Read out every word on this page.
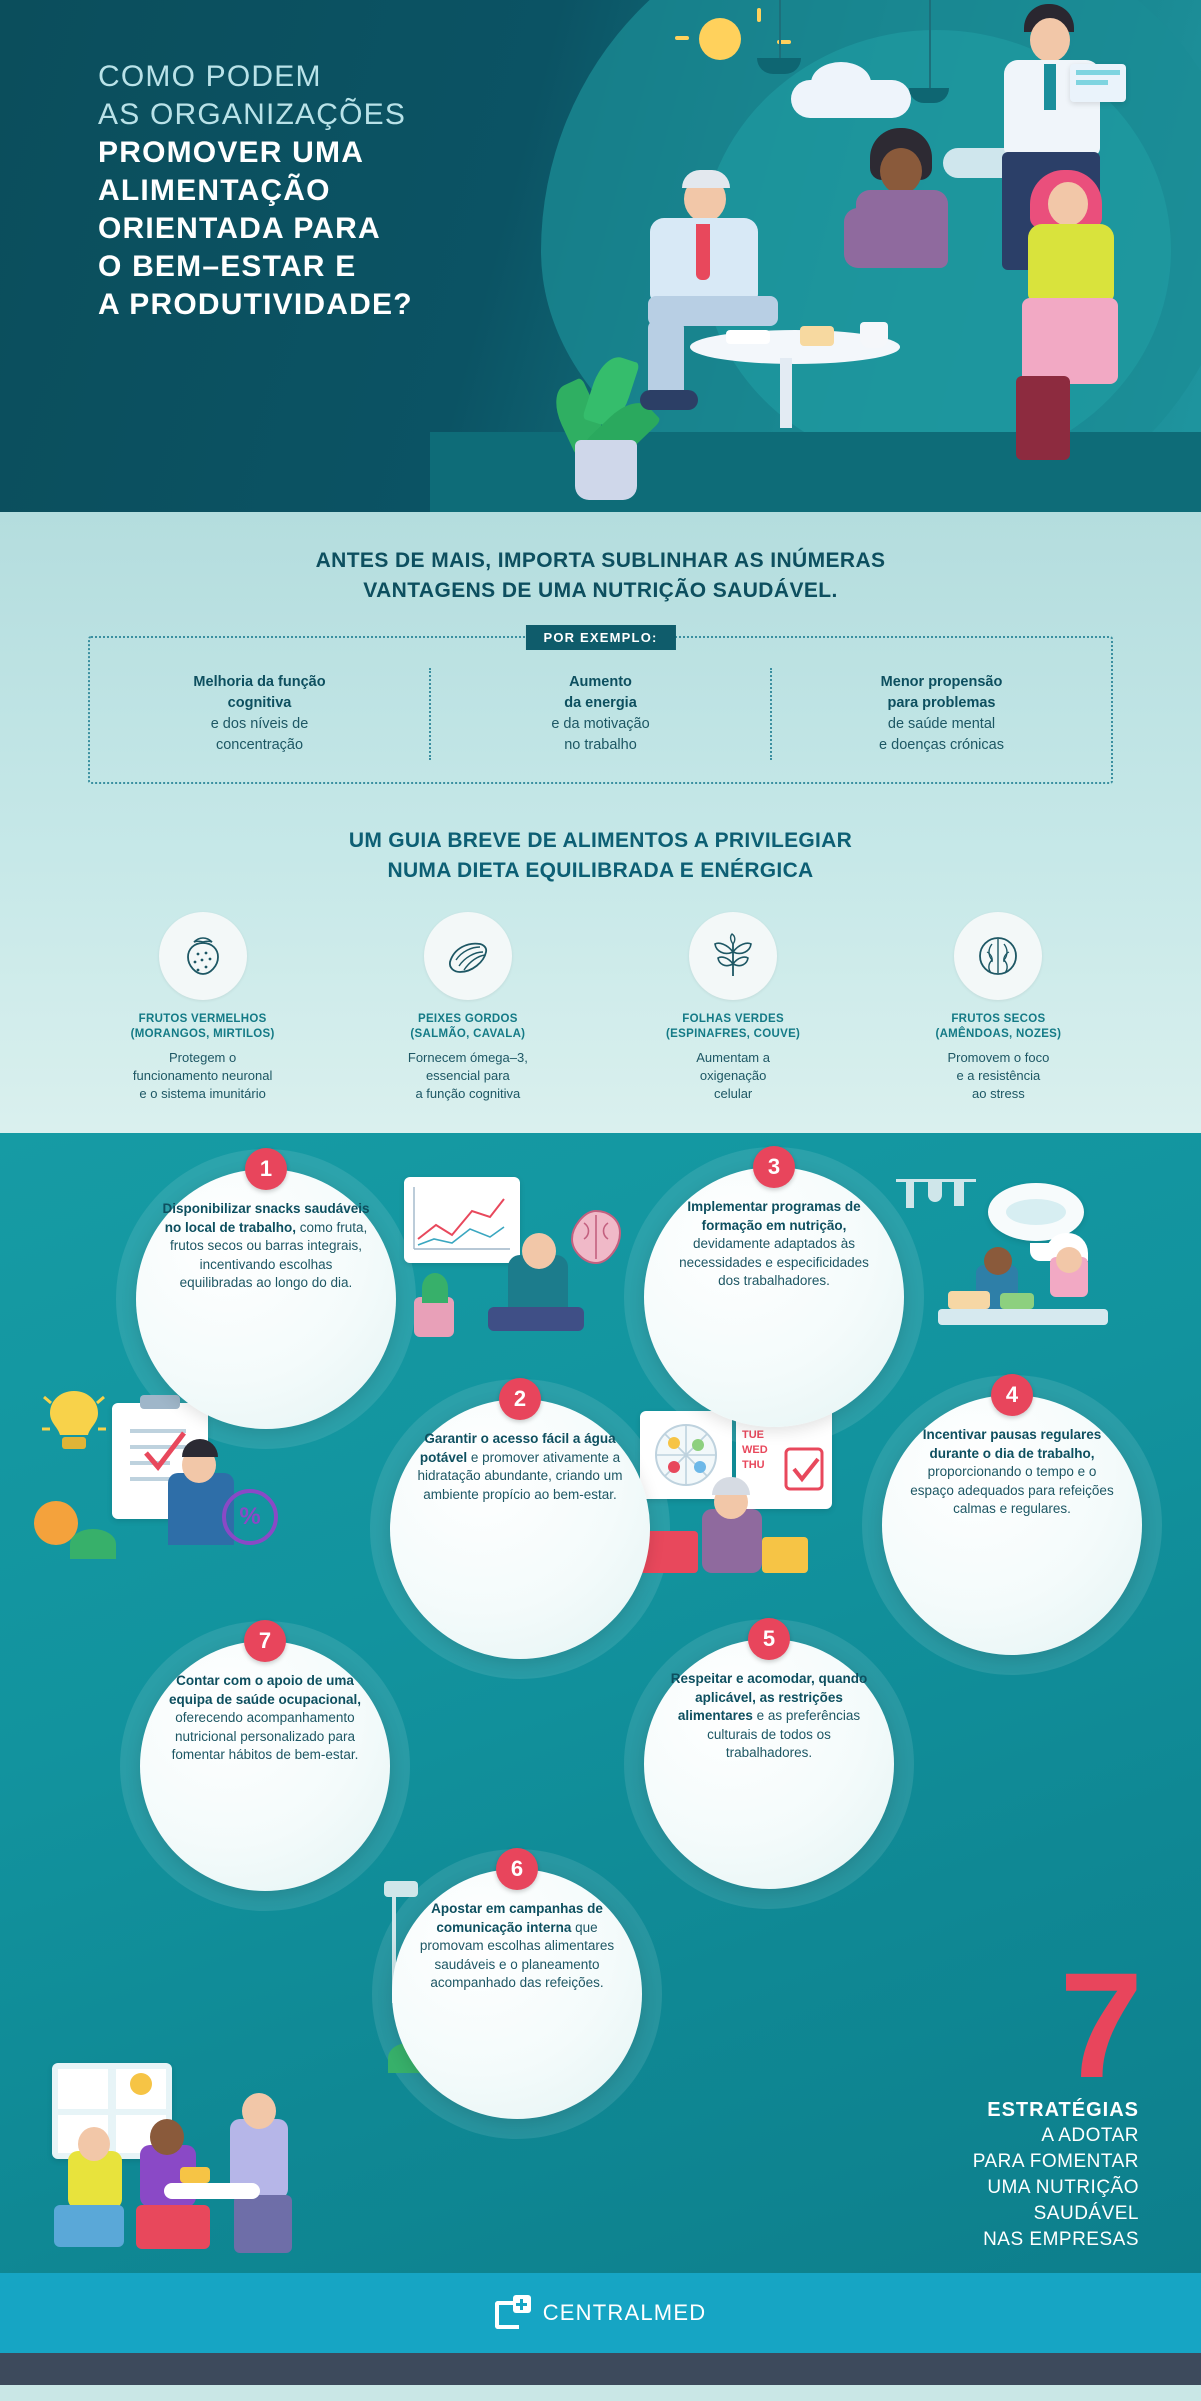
COMO PODEM
AS ORGANIZAÇÕES
PROMOVER UMA
ALIMENTAÇÃO
ORIENTADA PARA
O BEM–ESTAR E
A PRODUTIVIDADE?
ANTES DE MAIS, IMPORTA SUBLINHAR AS INÚMERAS
VANTAGENS DE UMA NUTRIÇÃO SAUDÁVEL.
POR EXEMPLO:
Melhoria da função
cognitiva
e dos níveis de
concentração
Aumento
da energia
e da motivação
no trabalho
Menor propensão
para problemas
de saúde mental
e doenças crónicas
UM GUIA BREVE DE ALIMENTOS A PRIVILEGIAR
NUMA DIETA EQUILIBRADA E ENÉRGICA
FRUTOS VERMELHOS
(MORANGOS, MIRTILOS)
Protegem o
funcionamento neuronal
e o sistema imunitário
PEIXES GORDOS
(SALMÃO, CAVALA)
Fornecem ómega–3,
essencial para
a função cognitiva
FOLHAS VERDES
(ESPINAFRES, COUVE)
Aumentam a
oxigenação
celular
FRUTOS SECOS
(AMÊNDOAS, NOZES)
Promovem o foco
e a resistência
ao stress
%

TUE
WED
THU
1
Disponibilizar snacks saudáveis no local de trabalho, como fruta, frutos secos ou barras integrais, incentivando escolhas equilibradas ao longo do dia.
2
Garantir o acesso fácil a água potável e promover ativamente a hidratação abundante, criando um ambiente propício ao bem-estar.
3
Implementar programas de formação em nutrição, devidamente adaptados às necessidades e especificidades dos trabalhadores.
4
Incentivar pausas regulares durante o dia de trabalho, proporcionando o tempo e o espaço adequados para refeições calmas e regulares.
5
Respeitar e acomodar, quando aplicável, as restrições alimentares e as preferências culturais de todos os trabalhadores.
6
Apostar em campanhas de comunicação interna que promovam escolhas alimentares saudáveis e o planeamento acompanhado das refeições.
7
Contar com o apoio de uma equipa de saúde ocupacional, oferecendo acompanhamento nutricional personalizado para fomentar hábitos de bem-estar.
7
ESTRATÉGIAS
A ADOTAR
PARA FOMENTAR
UMA NUTRIÇÃO
SAUDÁVEL
NAS EMPRESAS
CENTRALMED
